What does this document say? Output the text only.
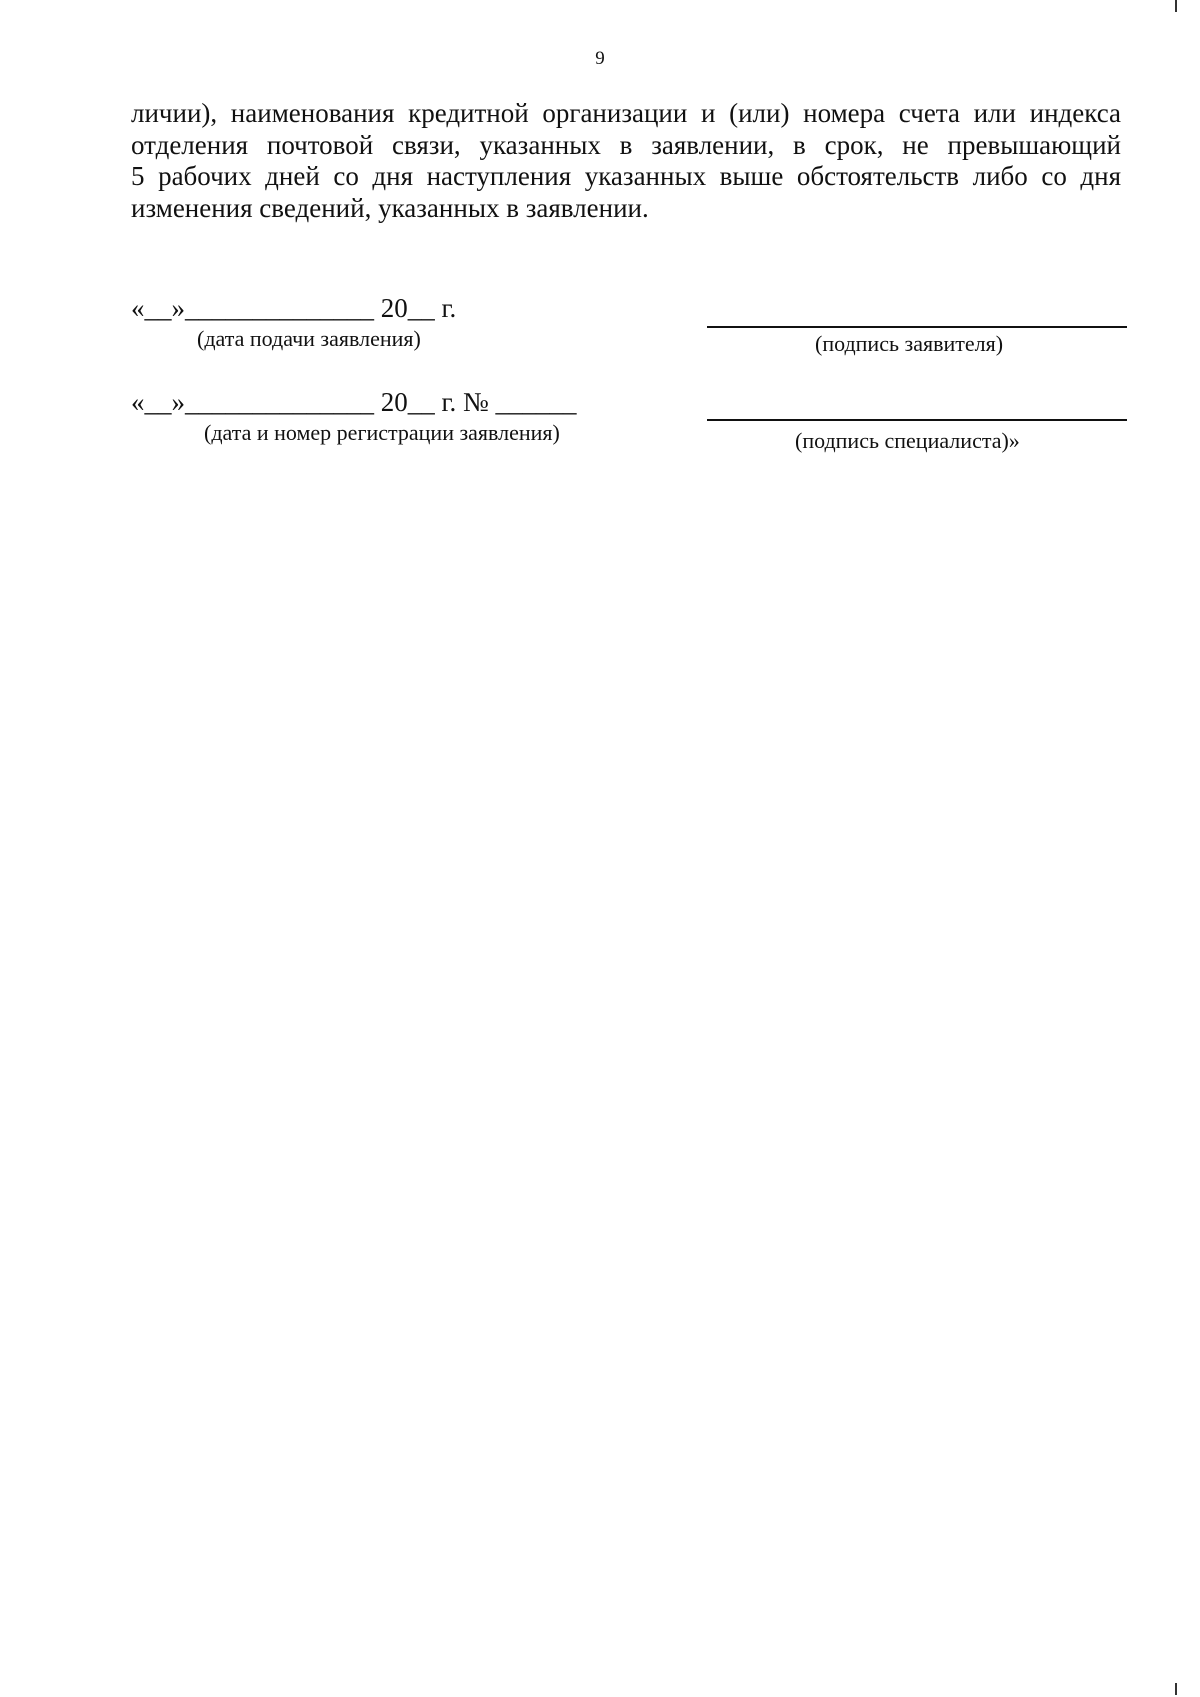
9
личии), наименования кредитной организации и (или) номера счета или индекса
отделения почтовой связи, указанных в заявлении, в срок, не превышающий
5 рабочих дней со дня наступления указанных выше обстоятельств либо со дня
изменения сведений, указанных в заявлении.
«__»______________ 20__ г.
(дата подачи заявления)	(подпись заявителя)
«__»______________ 20__ г. № ______
(дата и номер регистрации заявления)	(подпись специалиста)»
